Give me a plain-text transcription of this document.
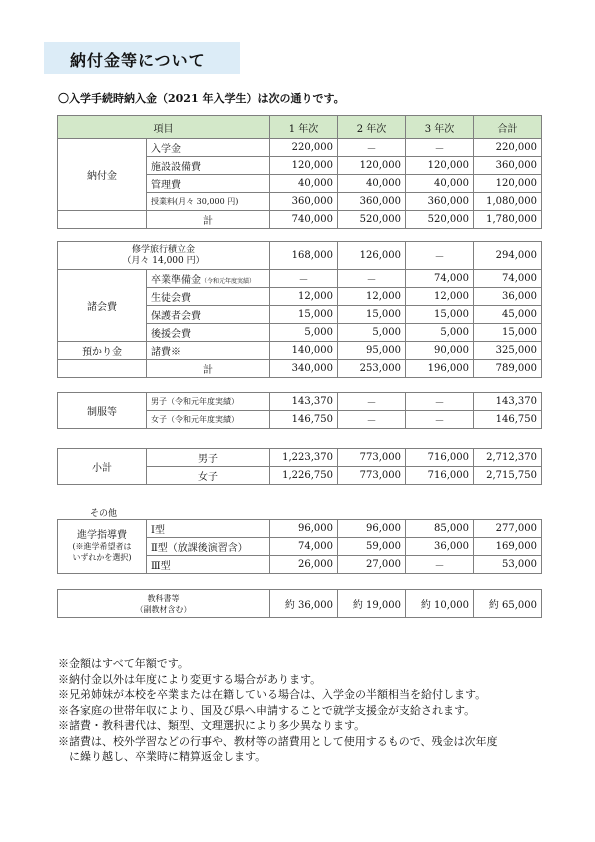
納付金等について
〇入学手続時納入金（2021 年入学生）は次の通りです。
項目		1 年次	2 年次	3 年次	合計
納付金	入学金	220,000	－	－	220,000
	施設設備費	120,000	120,000	120,000	360,000
	管理費	40,000	40,000	40,000	120,000
	授業料(月々 30,000 円)	360,000	360,000	360,000	1,080,000
	計	740,000	520,000	520,000	1,780,000
修学旅行積立金
（月々 14,000 円）		168,000	126,000	－	294,000
諸会費	卒業準備金（令和元年度実績）	－	－	74,000	74,000
	生徒会費	12,000	12,000	12,000	36,000
	保護者会費	15,000	15,000	15,000	45,000
	後援会費	5,000	5,000	5,000	15,000
預かり金	諸費※	140,000	95,000	90,000	325,000
	計	340,000	253,000	196,000	789,000
制服等	男子（令和元年度実績）	143,370	－	－	143,370
	女子（令和元年度実績）	146,750	－	－	146,750
小計	男子	1,223,370	773,000	716,000	2,712,370
	女子	1,226,750	773,000	716,000	2,715,750
その他
進学指導費
(※進学希望者は
いずれかを選択)	Ⅰ型	96,000	96,000	85,000	277,000
	Ⅱ型（放課後演習含）	74,000	59,000	36,000	169,000
	Ⅲ型	26,000	27,000	－	53,000
教科書等
（副教材含む）	約 36,000	約 19,000	約 10,000	約 65,000
※金額はすべて年額です。
※納付金以外は年度により変更する場合があります。
※兄弟姉妹が本校を卒業または在籍している場合は、入学金の半額相当を給付します。
※各家庭の世帯年収により、国及び県へ申請することで就学支援金が支給されます。
※諸費・教科書代は、類型、文理選択により多少異なります。
※諸費は、校外学習などの行事や、教材等の諸費用として使用するもので、残金は次年度
　に繰り越し、卒業時に精算返金します。
